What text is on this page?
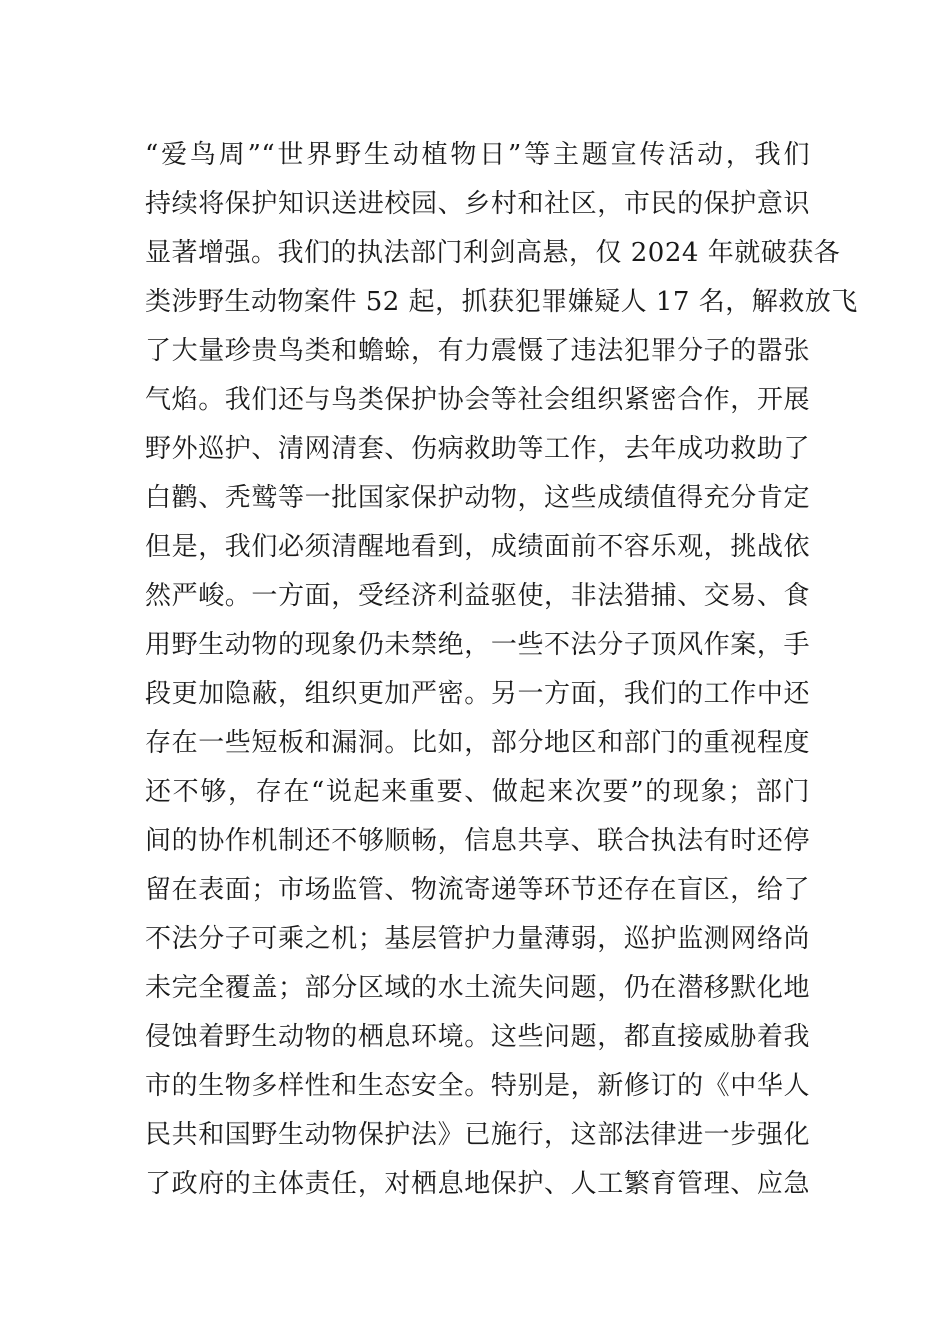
“爱鸟周”“世界野生动植物日”等主题宣传活动，我们
持续将保护知识送进校园、乡村和社区，市民的保护意识
显著增强。我们的执法部门利剑高悬，仅 2024 年就破获各
类涉野生动物案件 52 起，抓获犯罪嫌疑人 17 名，解救放飞
了大量珍贵鸟类和蟾蜍，有力震慑了违法犯罪分子的嚣张
气焰。我们还与鸟类保护协会等社会组织紧密合作，开展
野外巡护、清网清套、伤病救助等工作，去年成功救助了
白鹳、秃鹫等一批国家保护动物，这些成绩值得充分肯定
但是，我们必须清醒地看到，成绩面前不容乐观，挑战依
然严峻。一方面，受经济利益驱使，非法猎捕、交易、食
用野生动物的现象仍未禁绝，一些不法分子顶风作案，手
段更加隐蔽，组织更加严密。另一方面，我们的工作中还
存在一些短板和漏洞。比如，部分地区和部门的重视程度
还不够，存在“说起来重要、做起来次要”的现象；部门
间的协作机制还不够顺畅，信息共享、联合执法有时还停
留在表面；市场监管、物流寄递等环节还存在盲区，给了
不法分子可乘之机；基层管护力量薄弱，巡护监测网络尚
未完全覆盖；部分区域的水土流失问题，仍在潜移默化地
侵蚀着野生动物的栖息环境。这些问题，都直接威胁着我
市的生物多样性和生态安全。特别是，新修订的《中华人
民共和国野生动物保护法》已施行，这部法律进一步强化
了政府的主体责任，对栖息地保护、人工繁育管理、应急
